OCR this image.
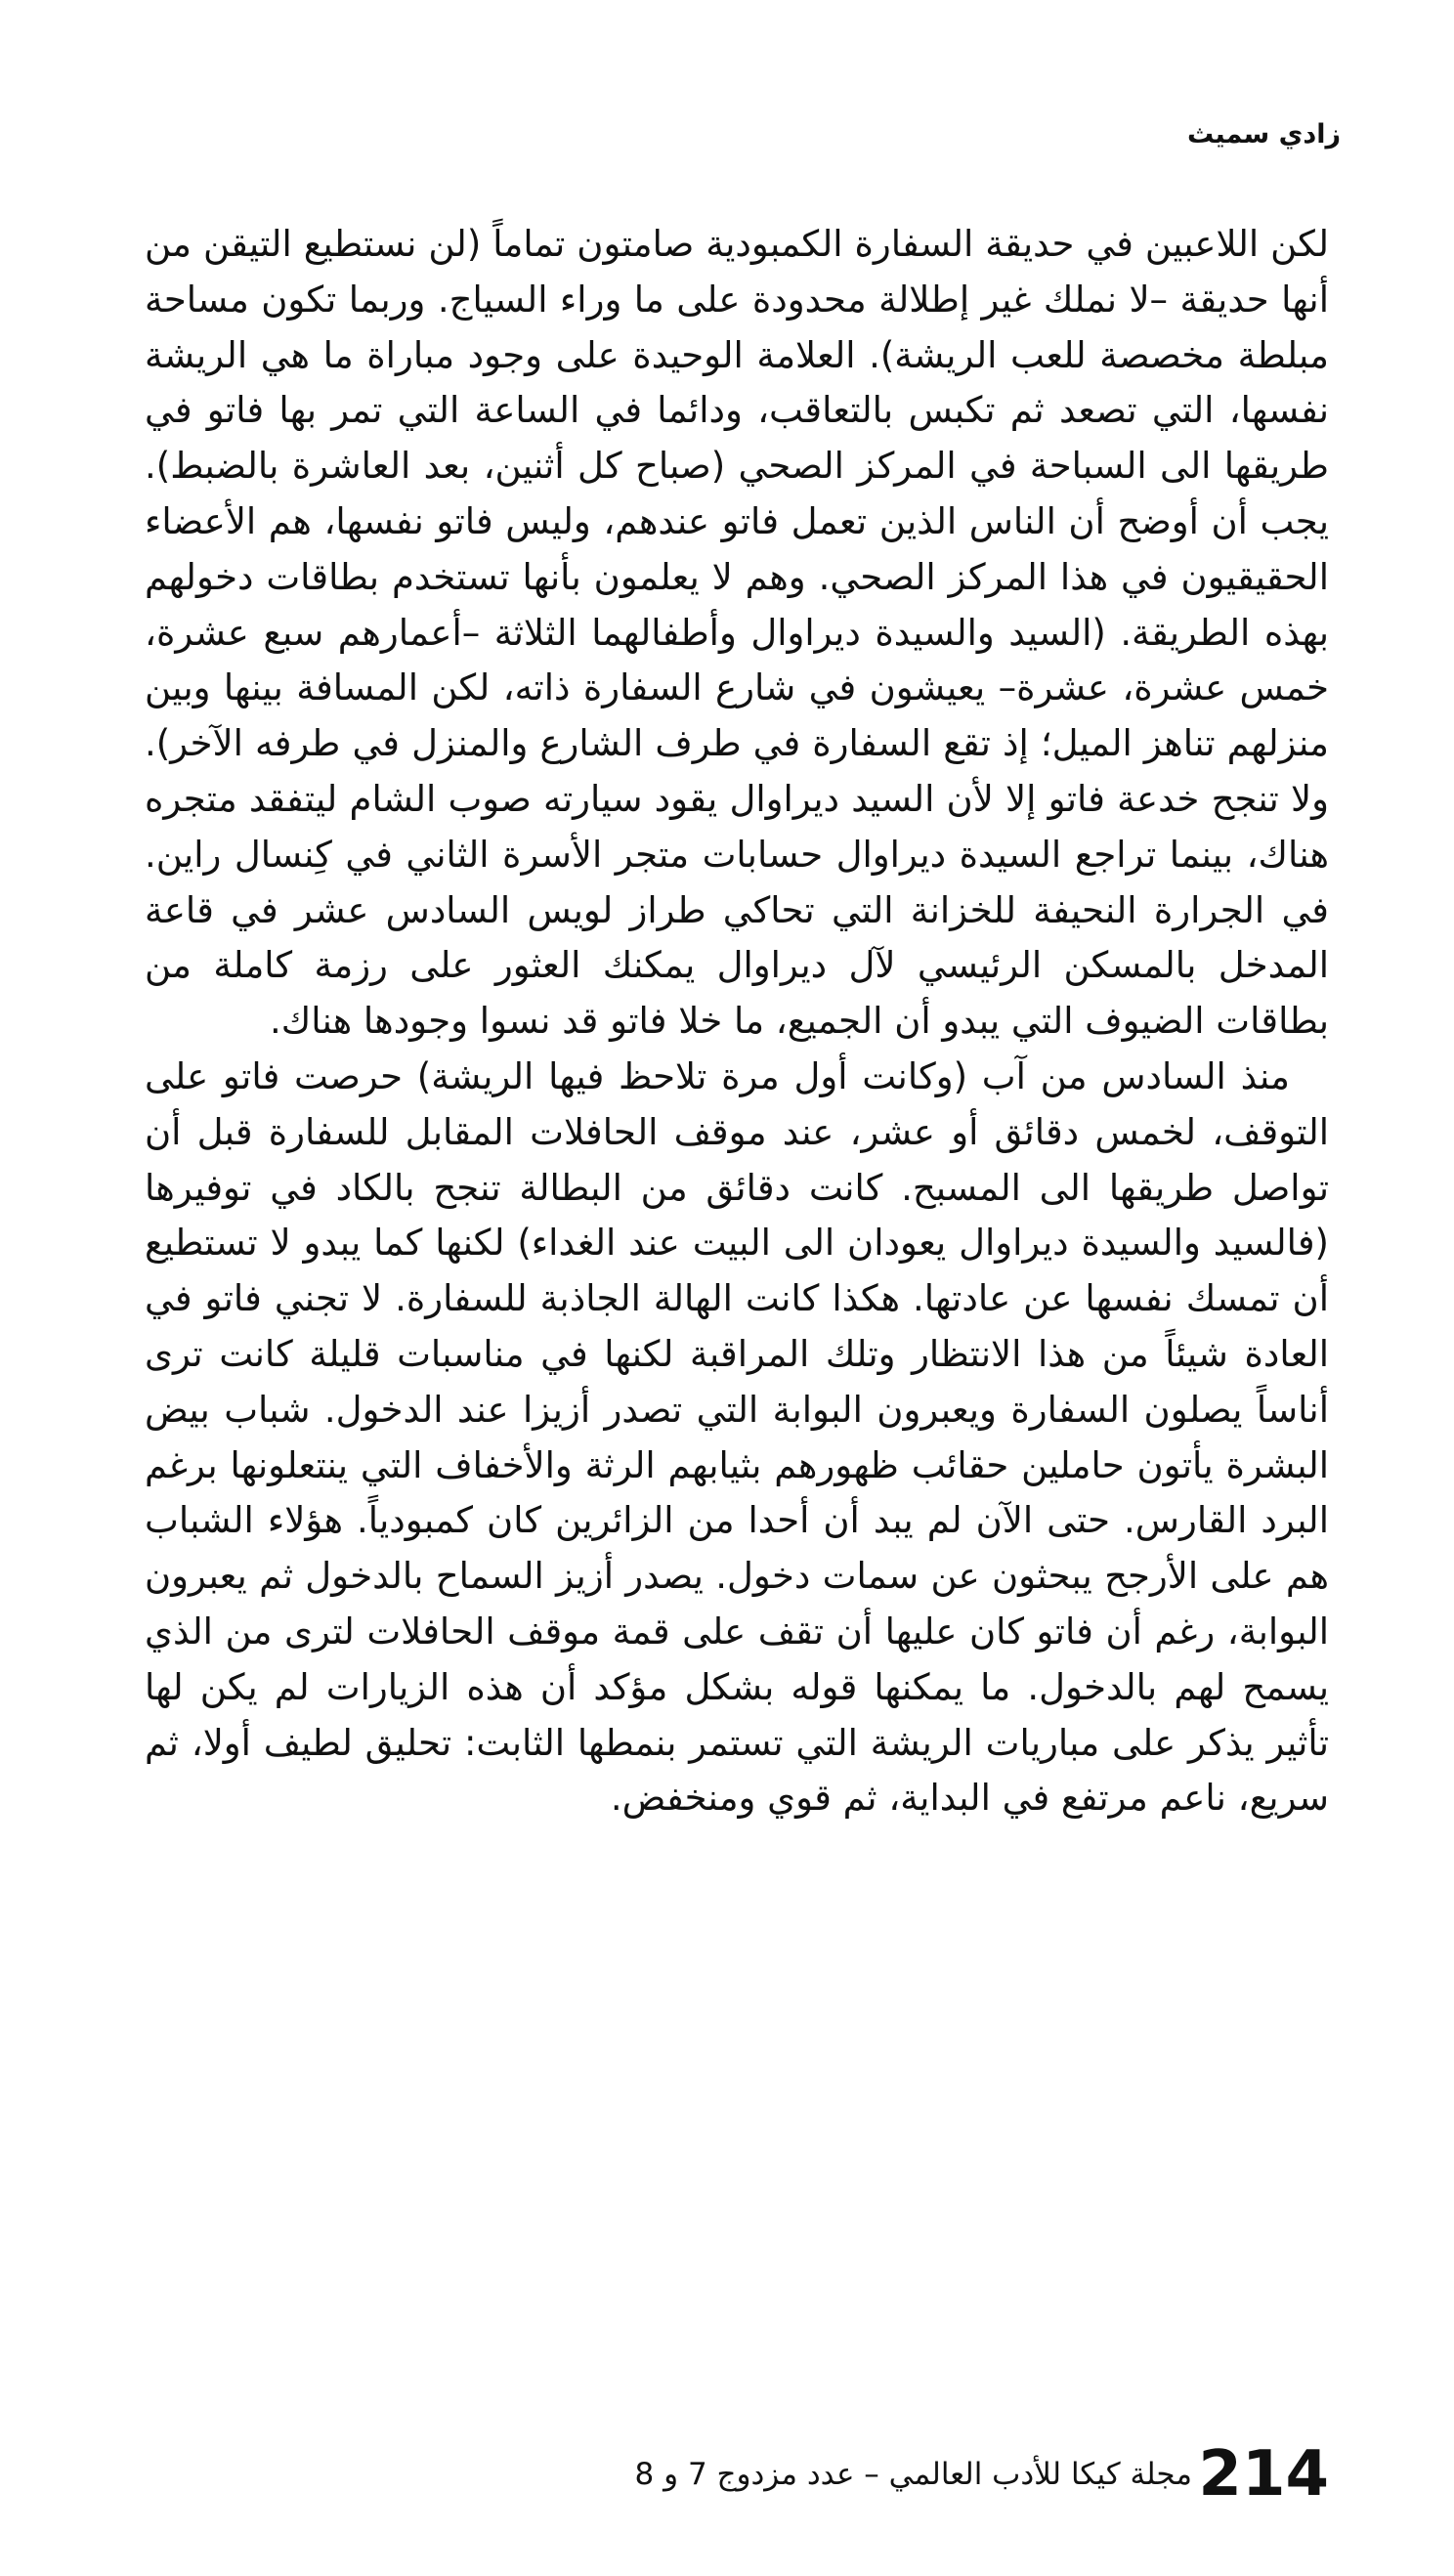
زادي سميث

لكن اللاعبين في حديقة السفارة الكمبودية صامتون تماماً (لن نستطيع التيقن من أنها حديقة –لا نملك غير إطلالة محدودة على ما وراء السياج. وربما تكون مساحة مبلطة مخصصة للعب الريشة). العلامة الوحيدة على وجود مباراة ما هي الريشة نفسها، التي تصعد ثم تكبس بالتعاقب، ودائما في الساعة التي تمر بها فاتو في طريقها الى السباحة في المركز الصحي (صباح كل أثنين، بعد العاشرة بالضبط). يجب أن أوضح أن الناس الذين تعمل فاتو عندهم، وليس فاتو نفسها، هم الأعضاء الحقيقيون في هذا المركز الصحي. وهم لا يعلمون بأنها تستخدم بطاقات دخولهم بهذه الطريقة. (السيد والسيدة ديراوال وأطفالهما الثلاثة –أعمارهم سبع عشرة، خمس عشرة، عشرة– يعيشون في شارع السفارة ذاته، لكن المسافة بينها وبين منزلهم تناهز الميل؛ إذ تقع السفارة في طرف الشارع والمنزل في طرفه الآخر). ولا تنجح خدعة فاتو إلا لأن السيد ديراوال يقود سيارته صوب الشام ليتفقد متجره هناك، بينما تراجع السيدة ديراوال حسابات متجر الأسرة الثاني في كِنسال راين. في الجرارة النحيفة للخزانة التي تحاكي طراز لويس السادس عشر في قاعة المدخل بالمسكن الرئيسي لآل ديراوال يمكنك العثور على رزمة كاملة من بطاقات الضيوف التي يبدو أن الجميع، ما خلا فاتو قد نسوا وجودها هناك.

منذ السادس من آب (وكانت أول مرة تلاحظ فيها الريشة) حرصت فاتو على التوقف، لخمس دقائق أو عشر، عند موقف الحافلات المقابل للسفارة قبل أن تواصل طريقها الى المسبح. كانت دقائق من البطالة تنجح بالكاد في توفيرها (فالسيد والسيدة ديراوال يعودان الى البيت عند الغداء) لكنها كما يبدو لا تستطيع أن تمسك نفسها عن عادتها. هكذا كانت الهالة الجاذبة للسفارة. لا تجني فاتو في العادة شيئاً من هذا الانتظار وتلك المراقبة لكنها في مناسبات قليلة كانت ترى أناساً يصلون السفارة ويعبرون البوابة التي تصدر أزيزا عند الدخول. شباب بيض البشرة يأتون حاملين حقائب ظهورهم بثيابهم الرثة والأخفاف التي ينتعلونها برغم البرد القارس. حتى الآن لم يبد أن أحدا من الزائرين كان كمبودياً. هؤلاء الشباب هم على الأرجح يبحثون عن سمات دخول. يصدر أزيز السماح بالدخول ثم يعبرون البوابة، رغم أن فاتو كان عليها أن تقف على قمة موقف الحافلات لترى من الذي يسمح لهم بالدخول. ما يمكنها قوله بشكل مؤكد أن هذه الزيارات لم يكن لها تأثير يذكر على مباريات الريشة التي تستمر بنمطها الثابت: تحليق لطيف أولا، ثم سريع، ناعم مرتفع في البداية، ثم قوي ومنخفض.

214

مجلة كيكا للأدب العالمي – عدد مزدوج 7 و 8
